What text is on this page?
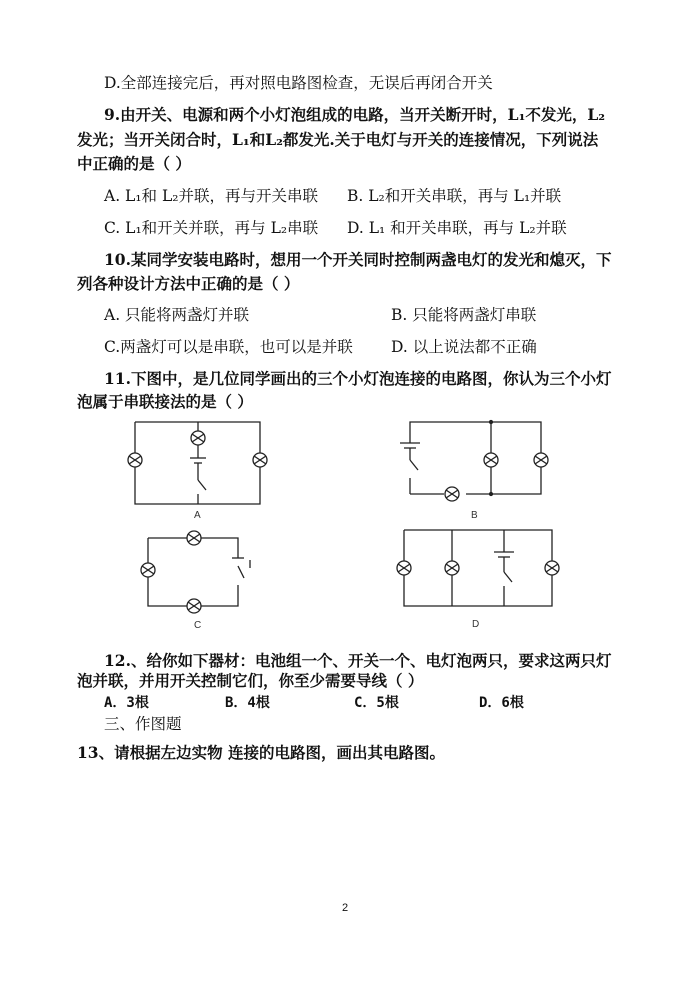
D.全部连接完后，再对照电路图检查，无误后再闭合开关
9.由开关、电源和两个小灯泡组成的电路，当开关断开时，L₁不发光，L₂
发光；当开关闭合时，L₁和L₂都发光.关于电灯与开关的连接情况，下列说法
中正确的是（ ）
A. L₁和 L₂并联，再与开关串联 B. L₂和开关串联，再与 L₁并联
C. L₁和开关并联，再与 L₂串联 D. L₁ 和开关串联，再与 L₂并联
10.某同学安装电路时，想用一个开关同时控制两盏电灯的发光和熄灭，下
列各种设计方法中正确的是（ ）
A. 只能将两盏灯并联	B. 只能将两盏灯串联
C.两盏灯可以是串联，也可以是并联 D. 以上说法都不正确
11.下图中，是几位同学画出的三个小灯泡连接的电路图，你认为三个小灯
泡属于串联接法的是（ ）
A	B
C	D
12.、给你如下器材：电池组一个、开关一个、电灯泡两只，要求这两只灯
泡并联，并用开关控制它们，你至少需要导线（ ）
A．3根	B．4根	C．5根	D．6根
三、作图题
13、请根据左边实物 连接的电路图，画出其电路图。
2
